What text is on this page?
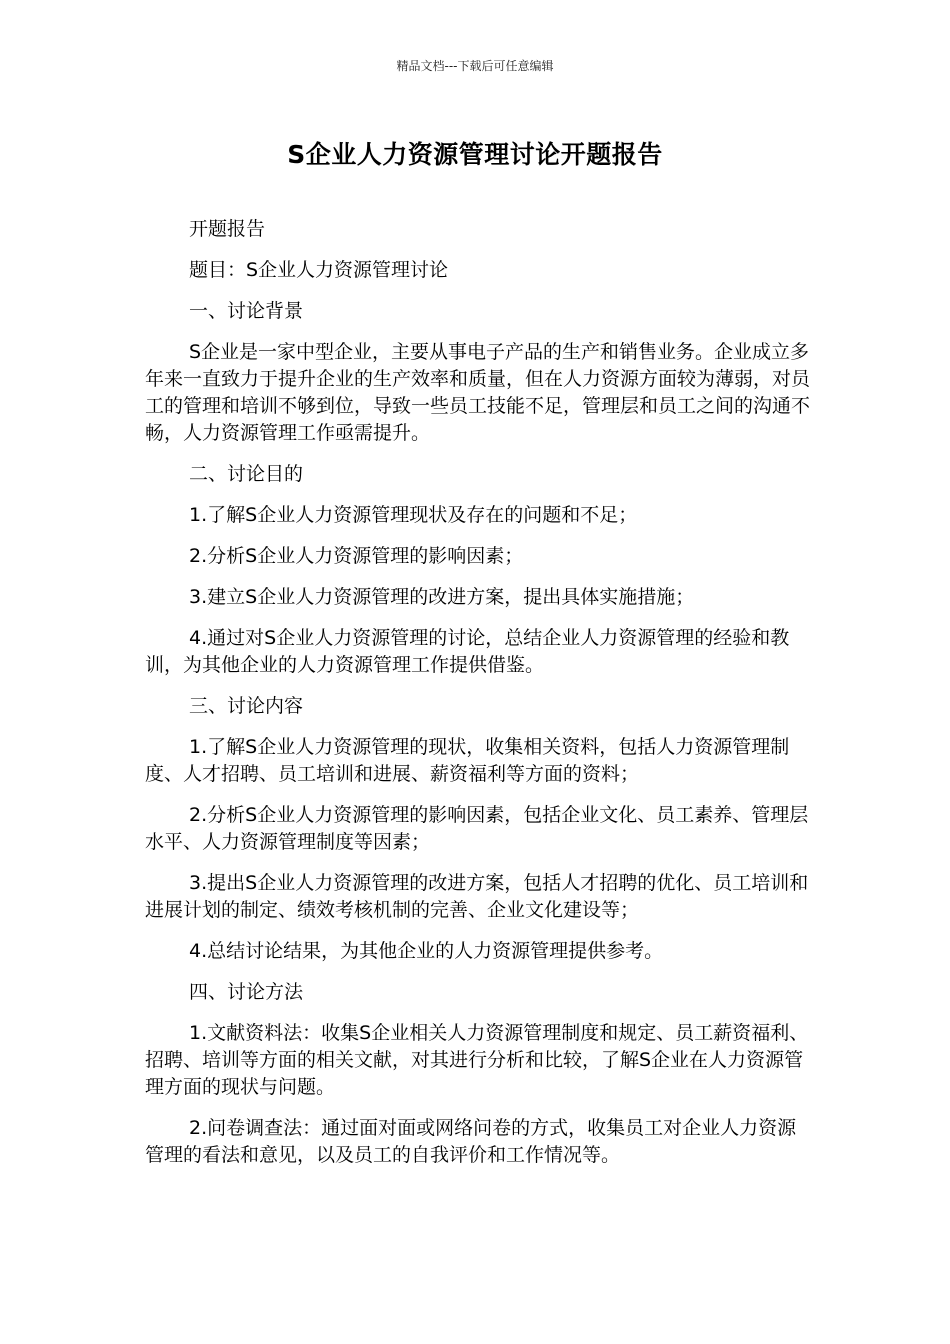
精品文档---下载后可任意编辑
S企业人力资源管理讨论开题报告

开题报告

题目：S企业人力资源管理讨论

一、讨论背景

S企业是一家中型企业，主要从事电子产品的生产和销售业务。企业成立多年来一直致力于提升企业的生产效率和质量，但在人力资源方面较为薄弱，对员工的管理和培训不够到位，导致一些员工技能不足，管理层和员工之间的沟通不畅，人力资源管理工作亟需提升。

二、讨论目的

1.了解S企业人力资源管理现状及存在的问题和不足；

2.分析S企业人力资源管理的影响因素；

3.建立S企业人力资源管理的改进方案，提出具体实施措施；

4.通过对S企业人力资源管理的讨论，总结企业人力资源管理的经验和教训，为其他企业的人力资源管理工作提供借鉴。

三、讨论内容

1.了解S企业人力资源管理的现状，收集相关资料，包括人力资源管理制度、人才招聘、员工培训和进展、薪资福利等方面的资料；

2.分析S企业人力资源管理的影响因素，包括企业文化、员工素养、管理层水平、人力资源管理制度等因素；

3.提出S企业人力资源管理的改进方案，包括人才招聘的优化、员工培训和进展计划的制定、绩效考核机制的完善、企业文化建设等；

4.总结讨论结果，为其他企业的人力资源管理提供参考。

四、讨论方法

1.文献资料法：收集S企业相关人力资源管理制度和规定、员工薪资福利、招聘、培训等方面的相关文献，对其进行分析和比较，了解S企业在人力资源管理方面的现状与问题。

2.问卷调查法：通过面对面或网络问卷的方式，收集员工对企业人力资源管理的看法和意见，以及员工的自我评价和工作情况等。
